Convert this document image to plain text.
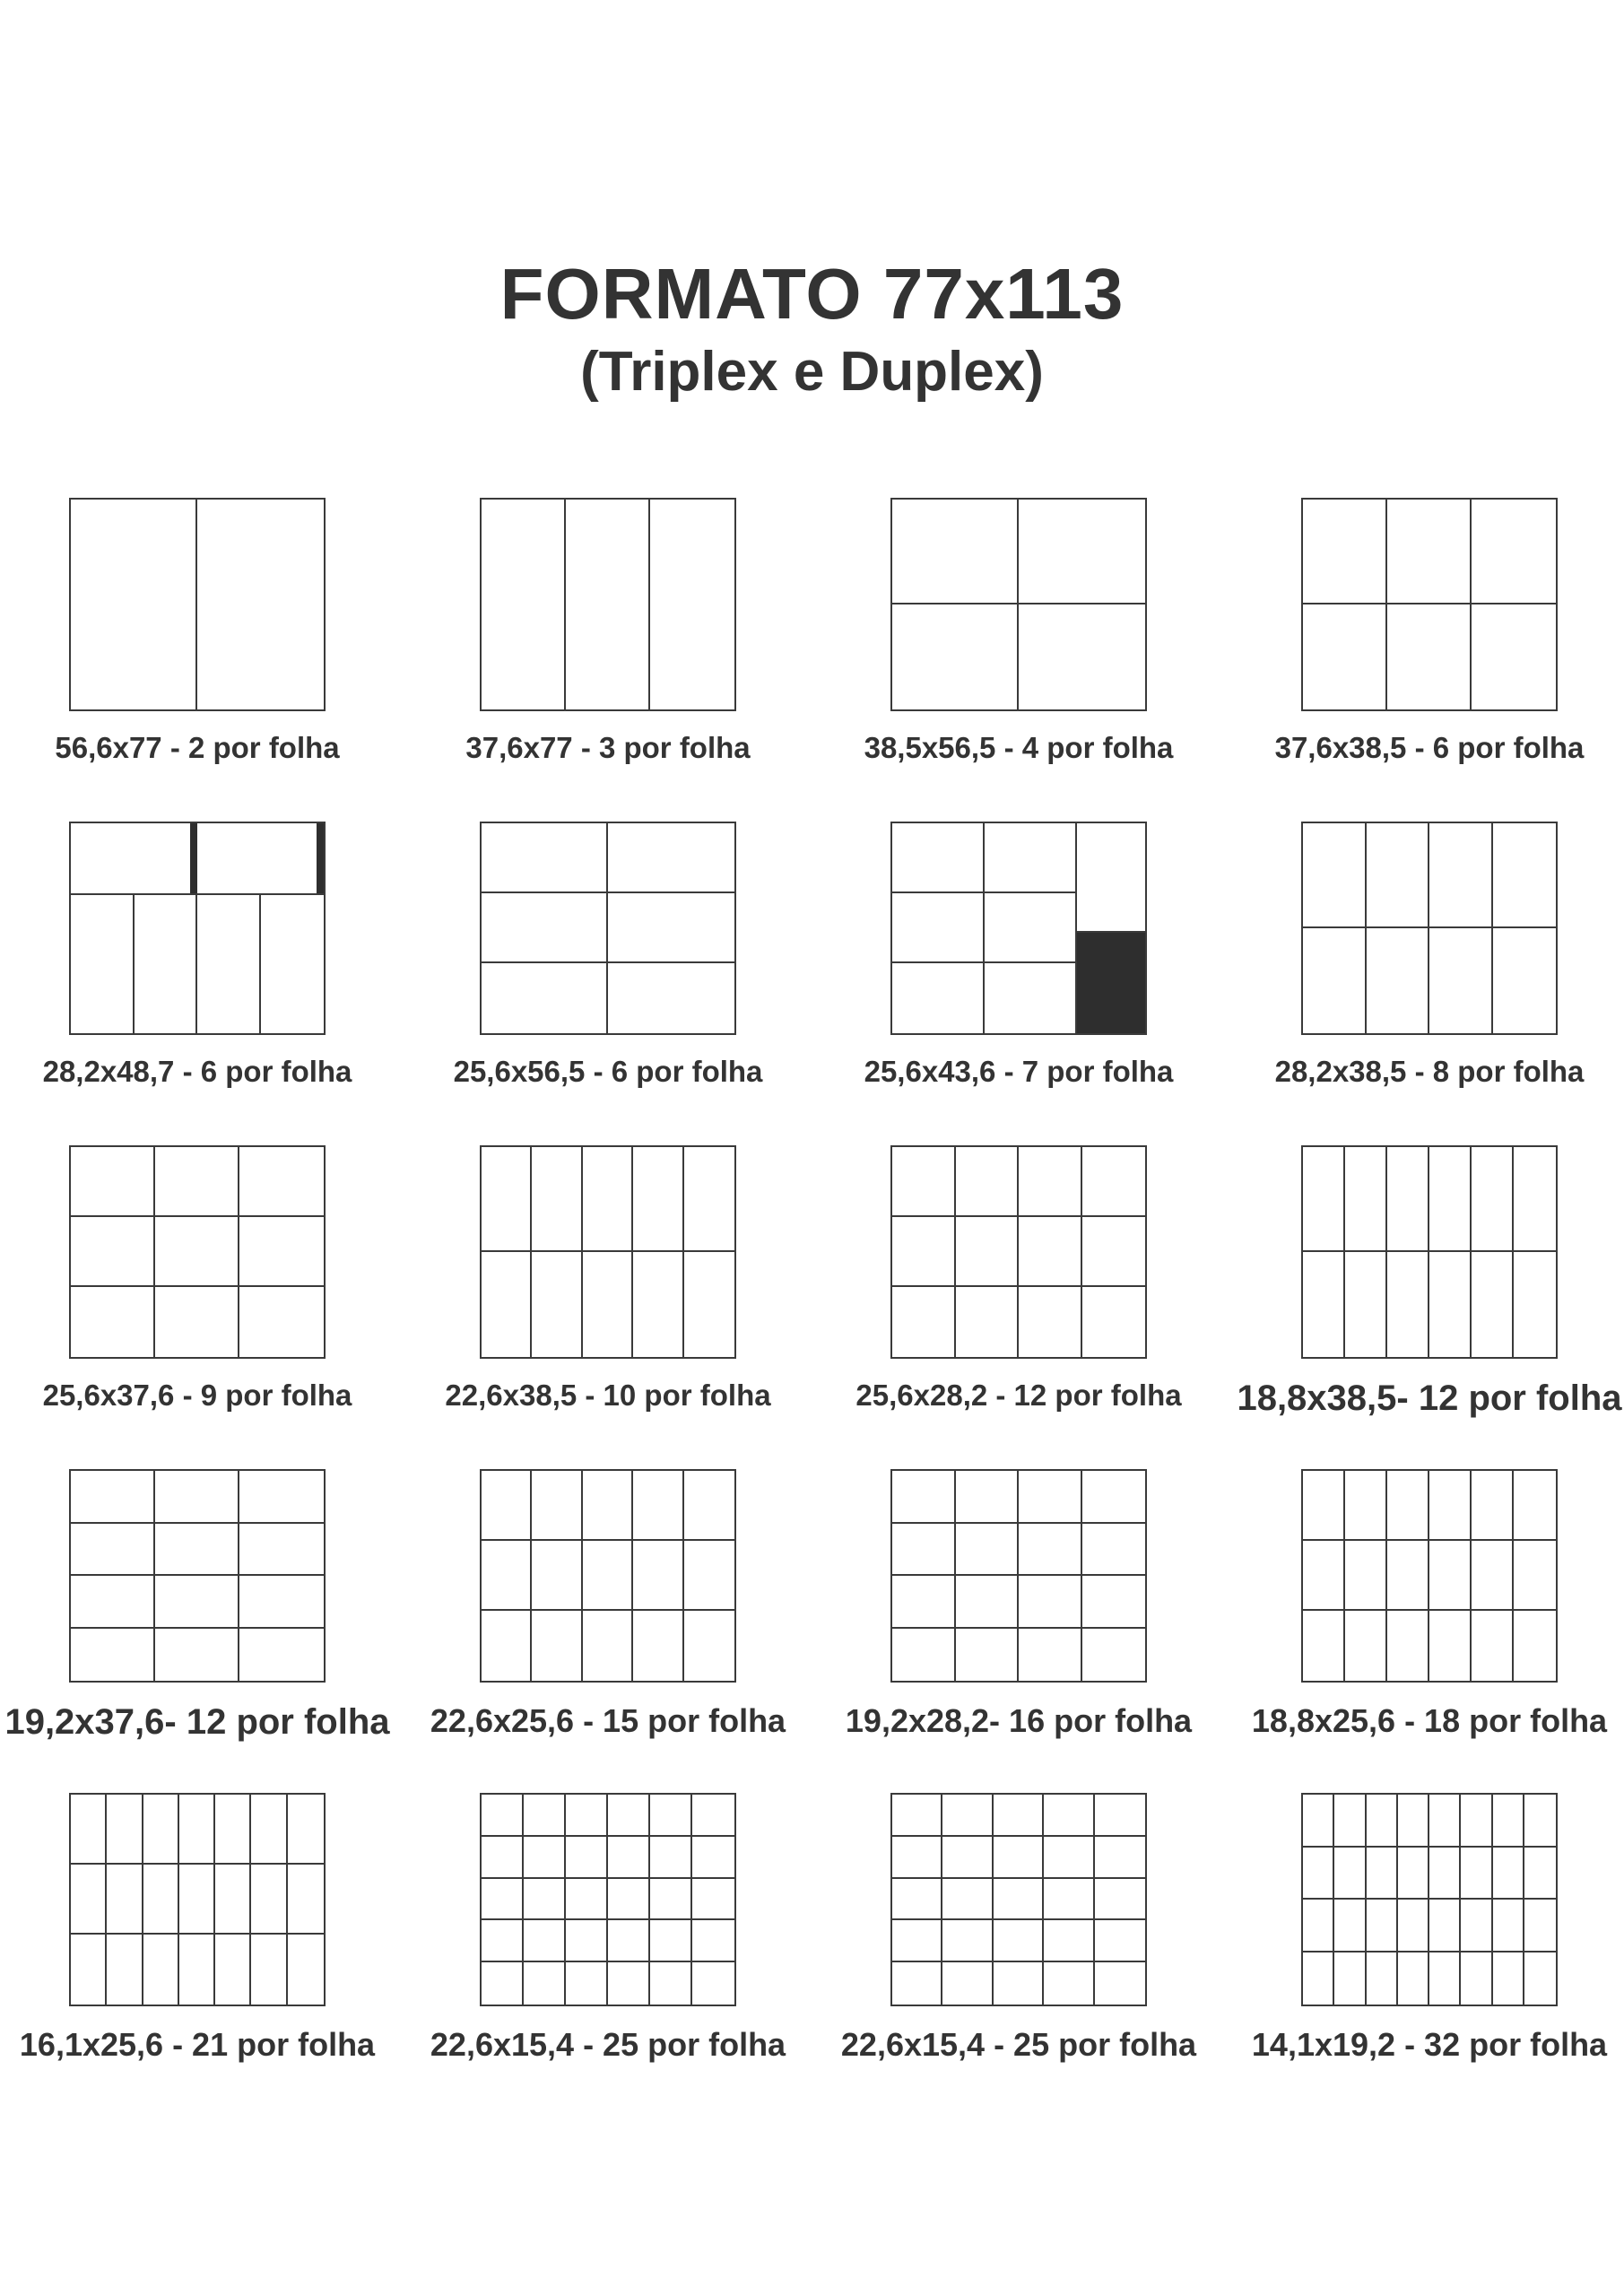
FORMATO 77x113
(Triplex e Duplex)
56,6x77 - 2 por folha	37,6x77 - 3 por folha	38,5x56,5 - 4 por folha	37,6x38,5 - 6 por folha
28,2x48,7 - 6 por folha	25,6x56,5 - 6 por folha	25,6x43,6 - 7 por folha	28,2x38,5 - 8 por folha
25,6x37,6 - 9 por folha	22,6x38,5 - 10 por folha	25,6x28,2 - 12 por folha 18,8x38,5- 12 por folha
19,2x37,6- 12 por folha 22,6x25,6 - 15 por folha 19,2x28,2- 16 por folha 18,8x25,6 - 18 por folha
16,1x25,6 - 21 por folha 22,6x15,4 - 25 por folha 22,6x15,4 - 25 por folha 14,1x19,2 - 32 por folha
